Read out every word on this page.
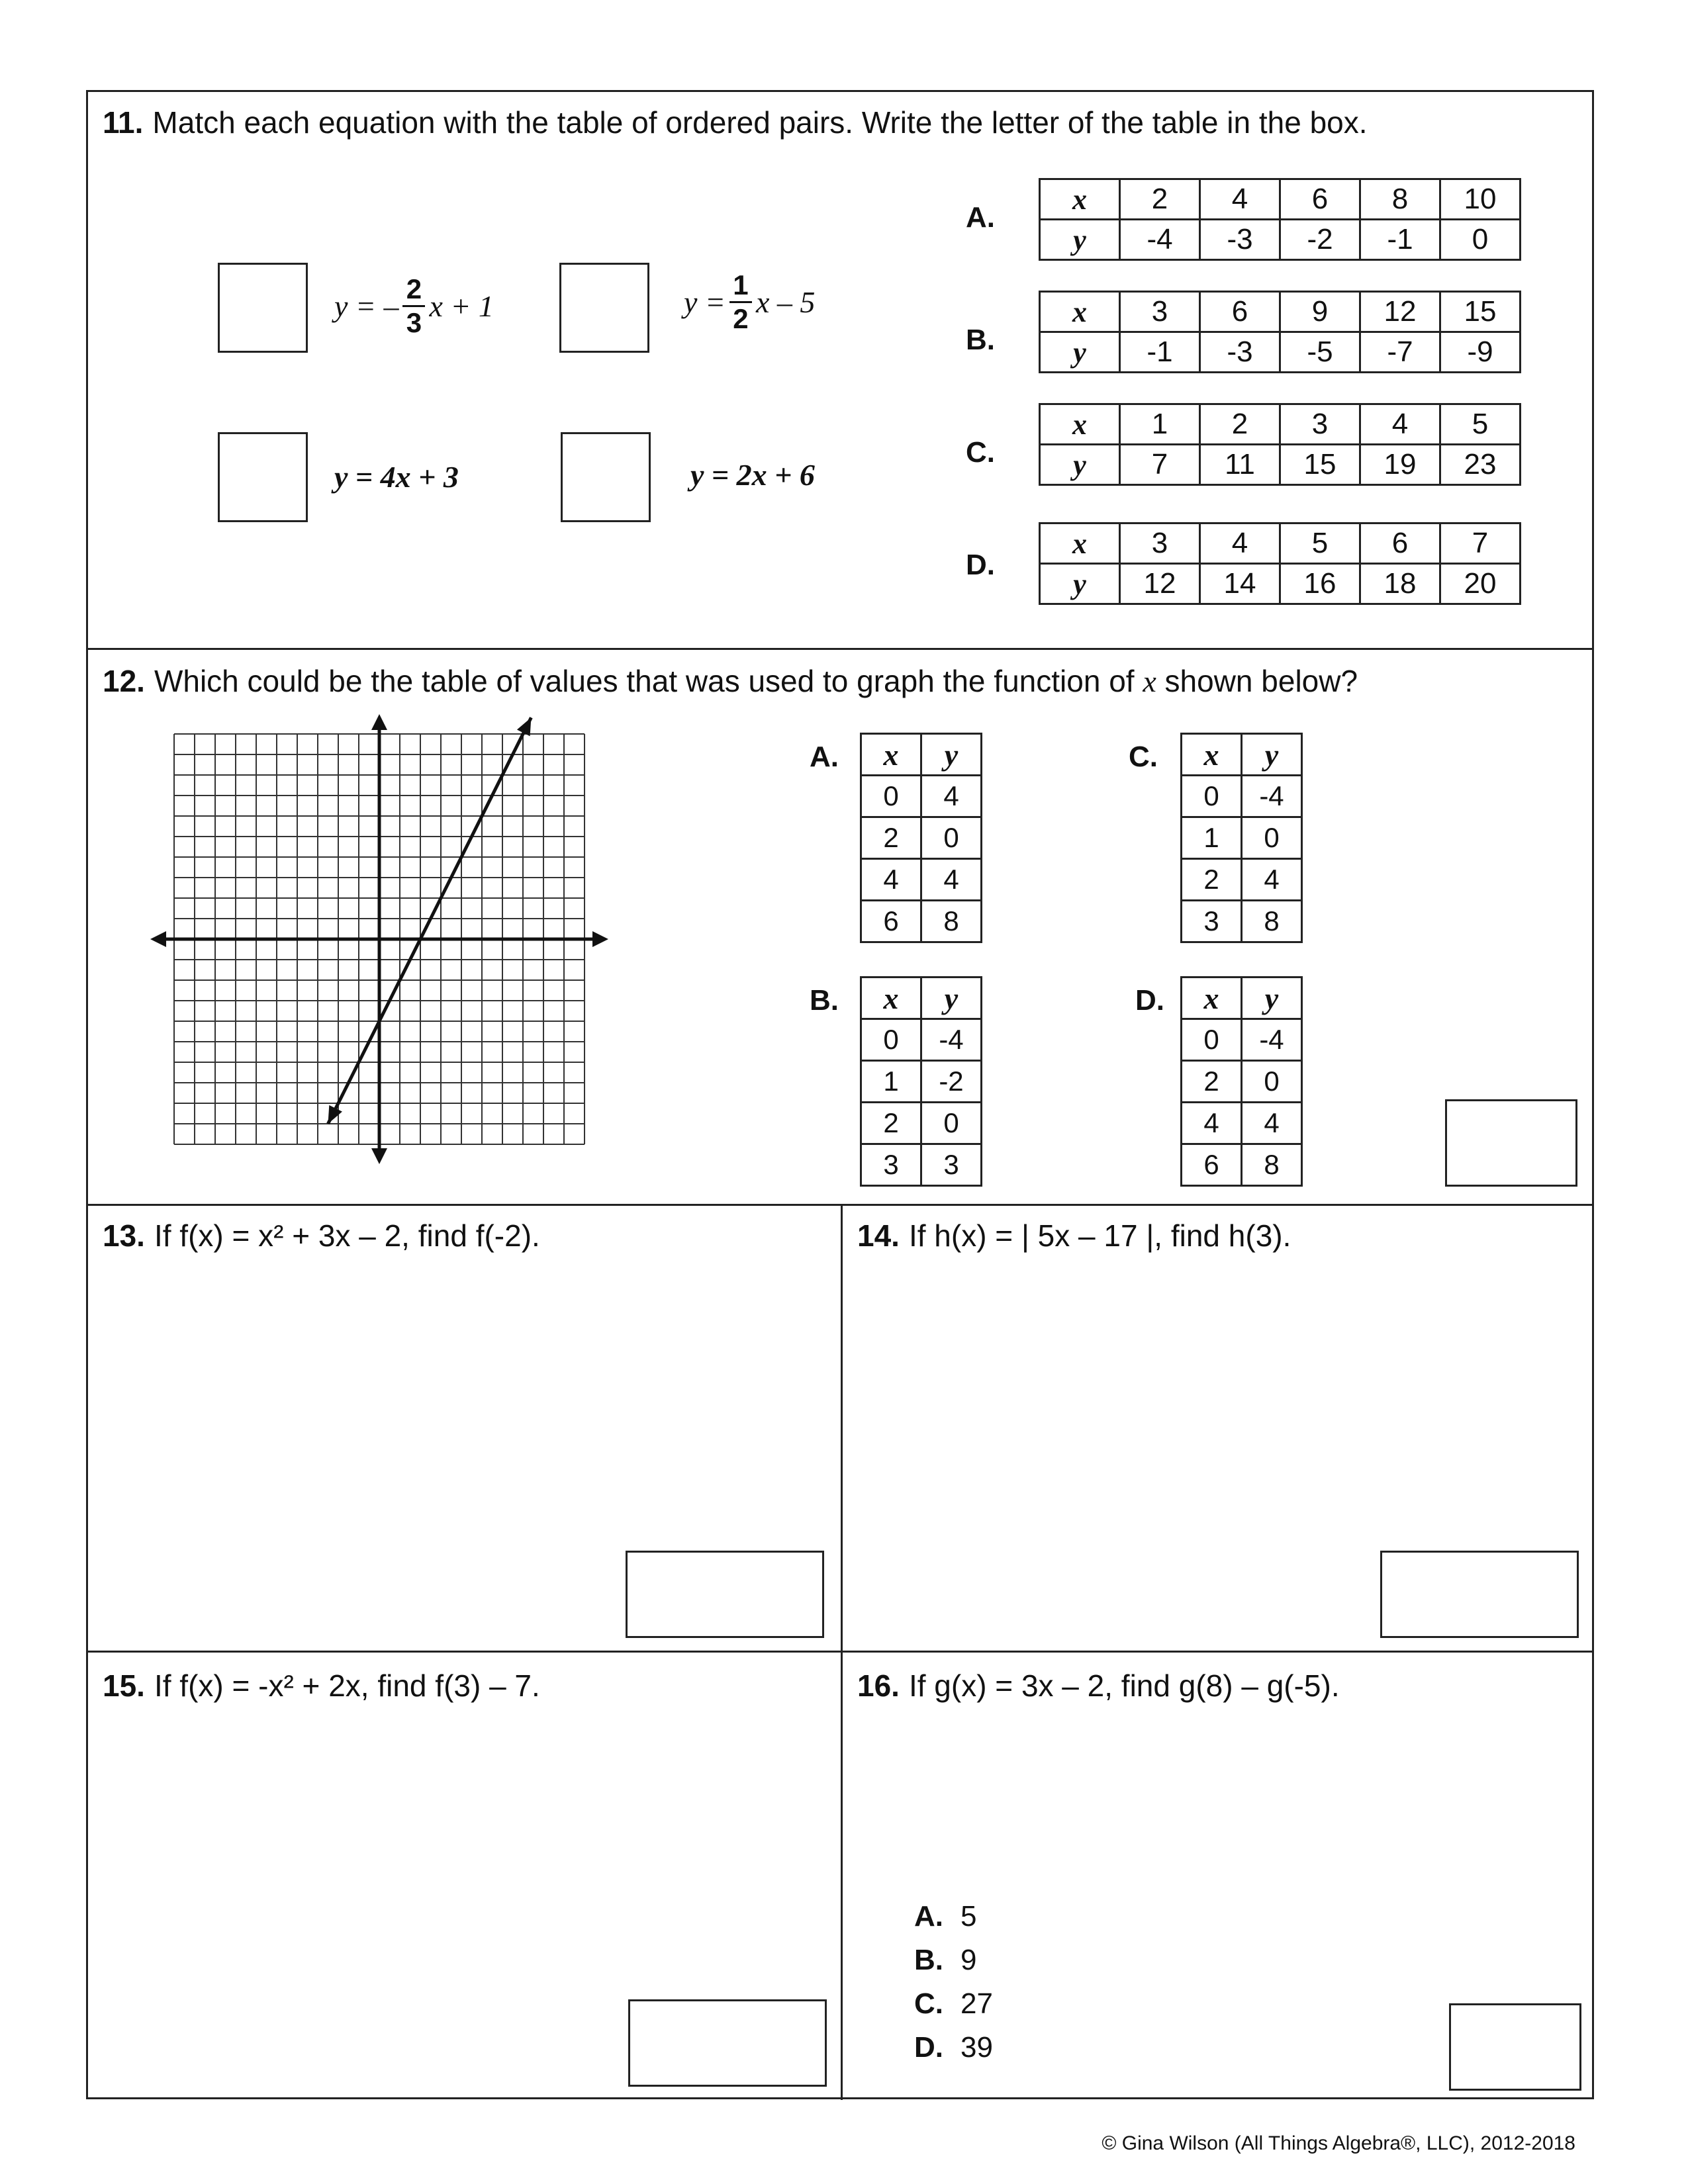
11. Match each equation with the table of ordered pairs. Write the letter of the table in the box.
y = – $\frac{2}{3}$ x + 1	$y = \frac{1}{2}$ x – 5
y = 4x + 3	y = 2x + 6
A.
x	2	4	6	8	10
y	-4	-3	-2	-1	0
B.
x	3	6	9	12	15
y	-1	-3	-5	-7	-9
C.
x	1	2	3	4	5
y	7	11	15	19	23
D.
x	3	4	5	6	7
y	12	14	16	18	20
12. Which could be the table of values that was used to graph the function of x shown below?
A. x	y
0	4
2	0
4	4
6	8
B. x	y
0	-4
1	-2
2	0
3	3
C. x	y
0	-4
1	0
2	4
3	8
D. x	y
0	-4
2	0
4	4
6	8
13. If f(x) = x² + 3x – 2, find f(-2).	14. If h(x) = | 5x – 17 |, find h(3).
15. If f(x) = -x² + 2x, find f(3) – 7.	16. If g(x) = 3x – 2, find g(8) – g(-5).
A. 5
B. 9
C. 27
D. 39
© Gina Wilson (All Things Algebra®, LLC), 2012-2018
